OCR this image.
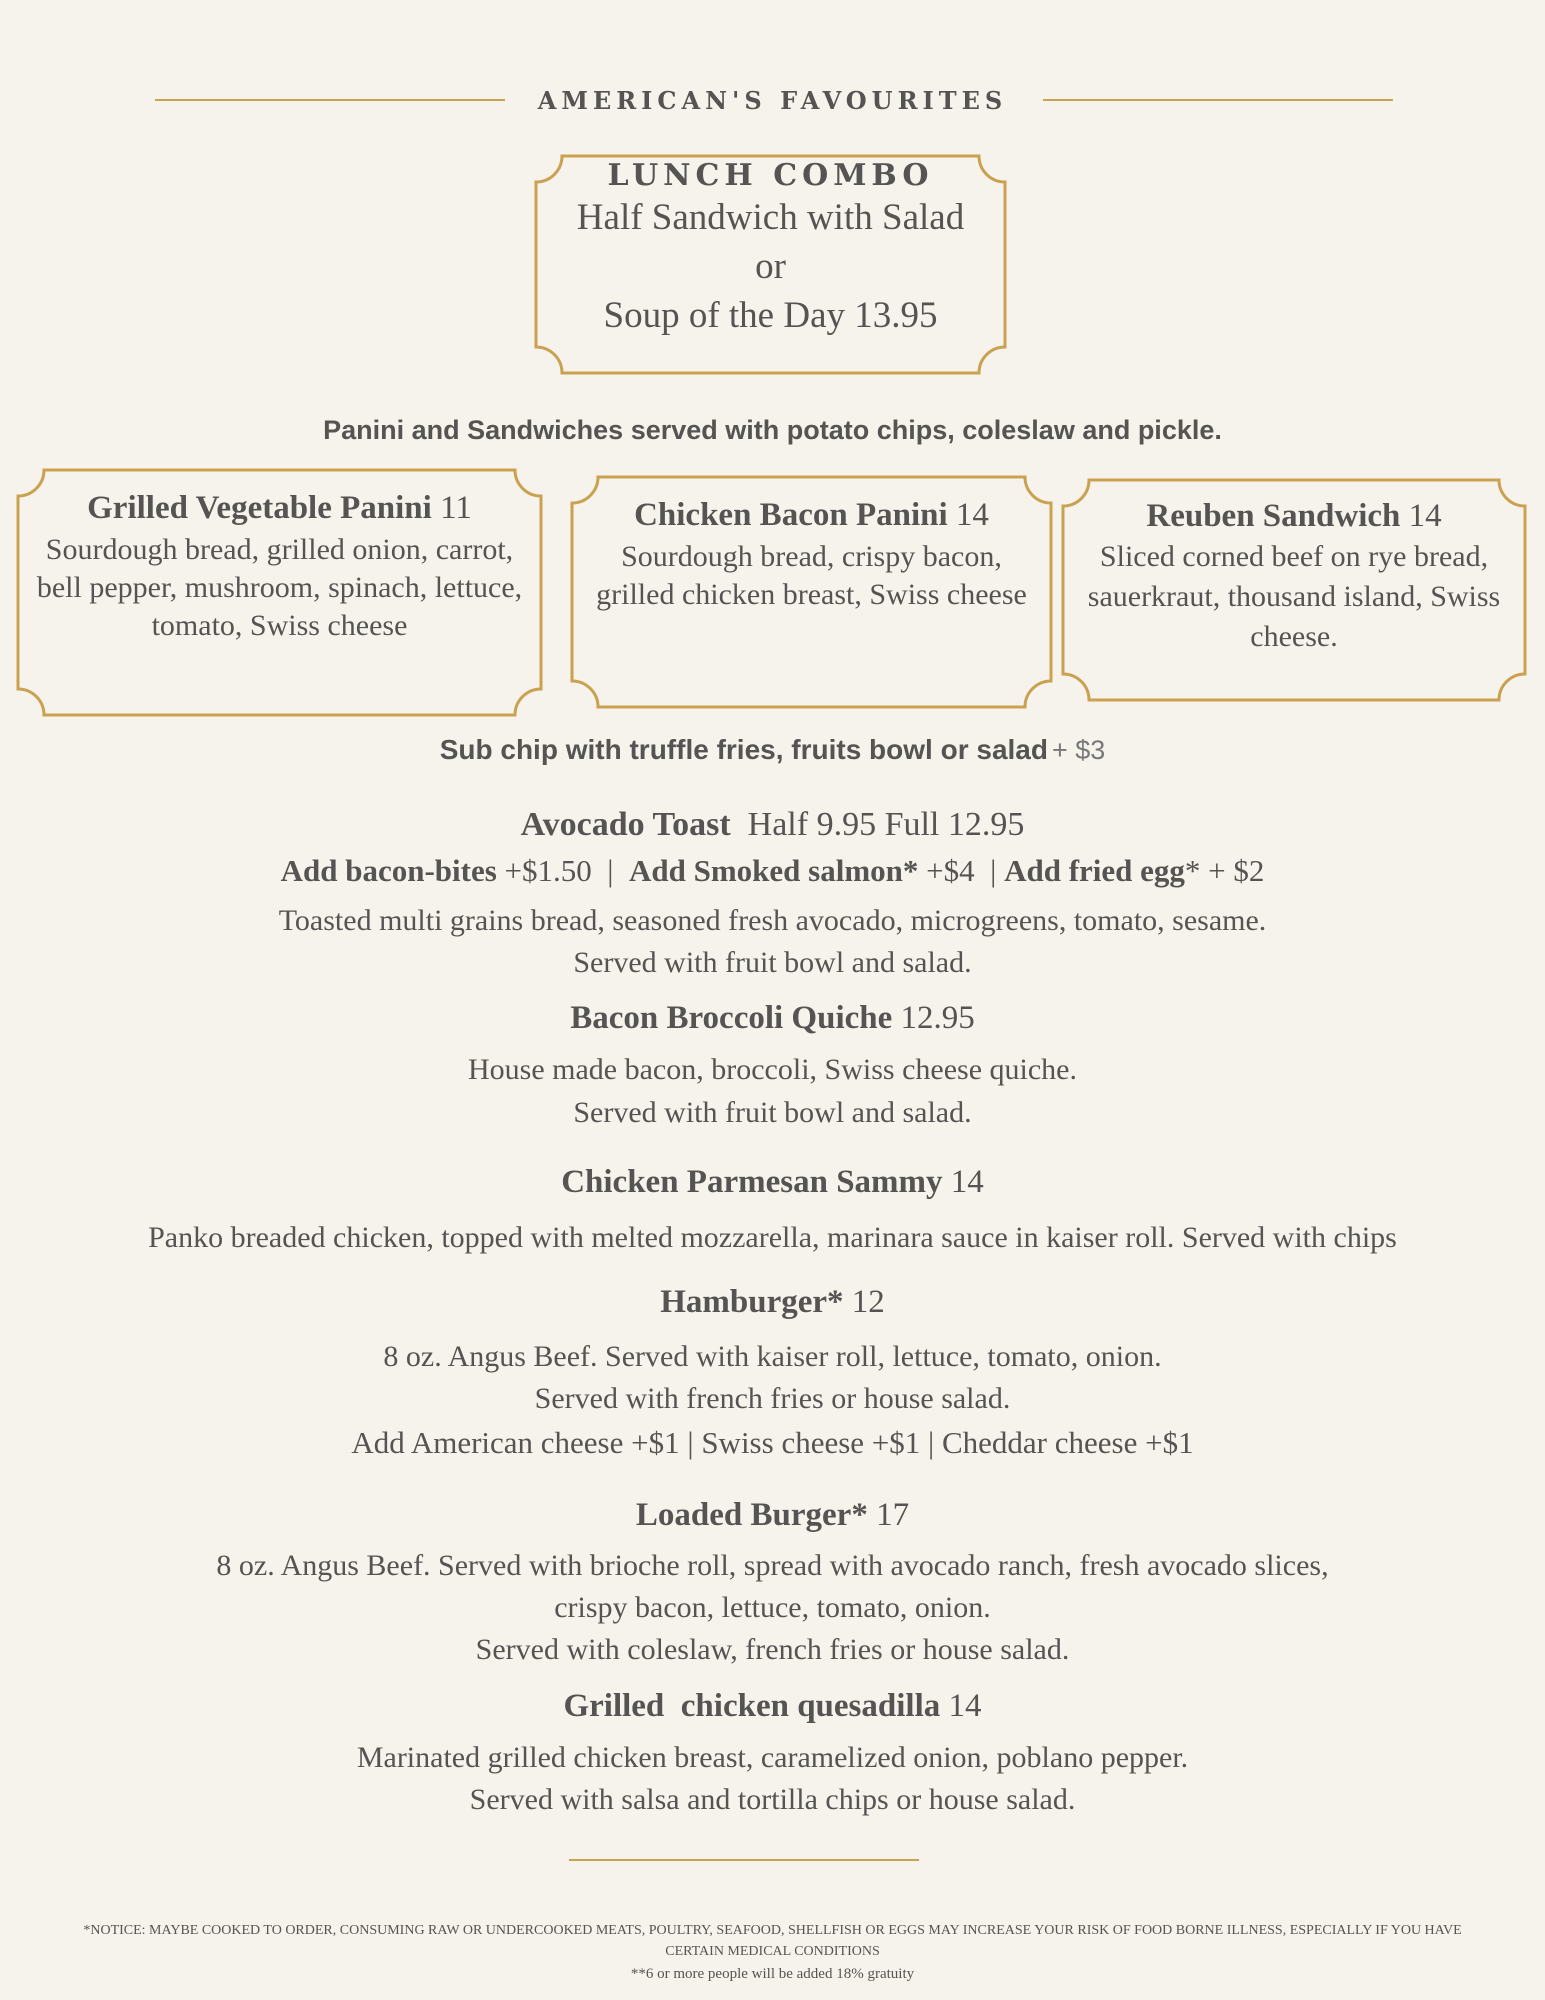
AMERICAN'S FAVOURITES
LUNCH COMBO
Half Sandwich with Salad
or
Soup of the Day 13.95
Panini and Sandwiches served with potato chips, coleslaw and pickle.
Grilled Vegetable Panini 11
Sourdough bread, grilled onion, carrot,
bell pepper, mushroom, spinach, lettuce,
tomato, Swiss cheese
Chicken Bacon Panini 14
Sourdough bread, crispy bacon,
grilled chicken breast, Swiss cheese
Reuben Sandwich 14
Sliced corned beef on rye bread,
sauerkraut, thousand island, Swiss
cheese.
Sub chip with truffle fries, fruits bowl or salad + $3
Avocado Toast Half 9.95 Full 12.95
Add bacon-bites +$1.50  |  Add Smoked salmon* +$4  | Add fried egg* + $2
Toasted multi grains bread, seasoned fresh avocado, microgreens, tomato, sesame.
Served with fruit bowl and salad.
Bacon Broccoli Quiche 12.95
House made bacon, broccoli, Swiss cheese quiche.
Served with fruit bowl and salad.
Chicken Parmesan Sammy 14
Panko breaded chicken, topped with melted mozzarella, marinara sauce in kaiser roll. Served with chips
Hamburger* 12
8 oz. Angus Beef. Served with kaiser roll, lettuce, tomato, onion.
Served with french fries or house salad.
Add American cheese +$1 | Swiss cheese +$1 | Cheddar cheese +$1
Loaded Burger* 17
8 oz. Angus Beef. Served with brioche roll, spread with avocado ranch, fresh avocado slices,
crispy bacon, lettuce, tomato, onion.
Served with coleslaw, french fries or house salad.
Grilled  chicken quesadilla 14
Marinated grilled chicken breast, caramelized onion, poblano pepper.
Served with salsa and tortilla chips or house salad.
*NOTICE: MAYBE COOKED TO ORDER, CONSUMING RAW OR UNDERCOOKED MEATS, POULTRY, SEAFOOD, SHELLFISH OR EGGS MAY INCREASE YOUR RISK OF FOOD BORNE ILLNESS, ESPECIALLY IF YOU HAVE
CERTAIN MEDICAL CONDITIONS
**6 or more people will be added 18% gratuity
